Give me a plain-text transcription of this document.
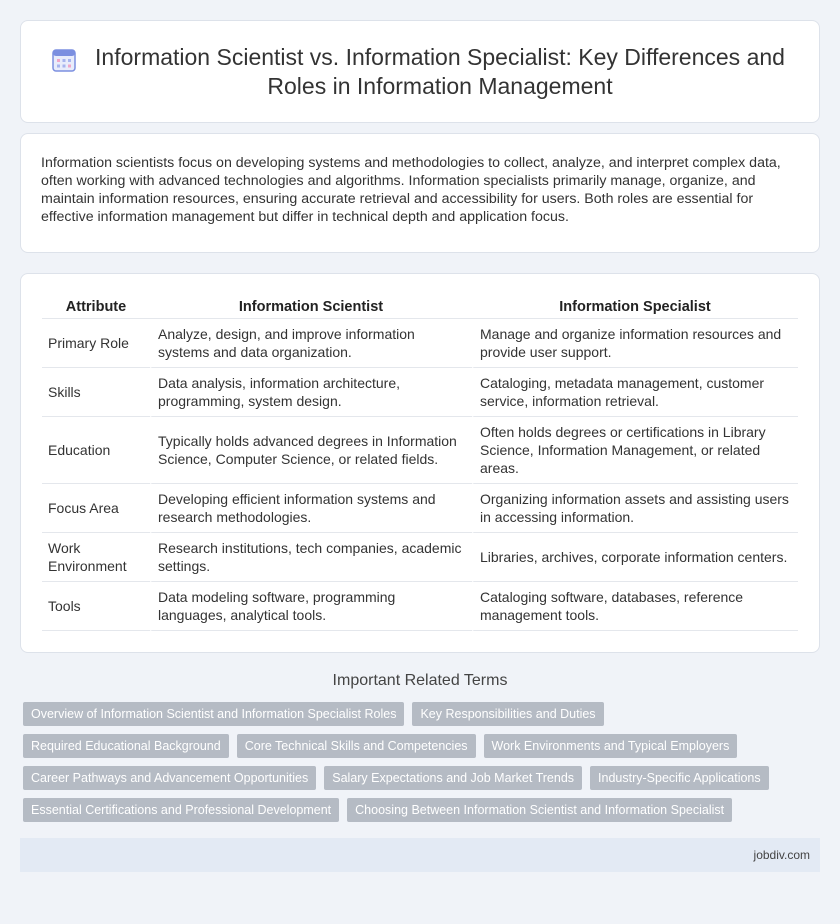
Information Scientist vs. Information Specialist: Key Differences and Roles in Information Management

Information scientists focus on developing systems and methodologies to collect, analyze, and interpret complex data, often working with advanced technologies and algorithms. Information specialists primarily manage, organize, and maintain information resources, ensuring accurate retrieval and accessibility for users. Both roles are essential for effective information management but differ in technical depth and application focus.

Attribute	Information Scientist	Information Specialist
Primary Role	Analyze, design, and improve information systems and data organization.	Manage and organize information resources and provide user support.
Skills	Data analysis, information architecture, programming, system design.	Cataloging, metadata management, customer service, information retrieval.
Education	Typically holds advanced degrees in Information Science, Computer Science, or related fields.	Often holds degrees or certifications in Library Science, Information Management, or related areas.
Focus Area	Developing efficient information systems and research methodologies.	Organizing information assets and assisting users in accessing information.
Work Environment	Research institutions, tech companies, academic settings.	Libraries, archives, corporate information centers.
Tools	Data modeling software, programming languages, analytical tools.	Cataloging software, databases, reference management tools.
Important Related Terms
Overview of Information Scientist and Information Specialist Roles	Key Responsibilities and Duties
Required Educational Background	Core Technical Skills and Competencies	Work Environments and Typical Employers
Career Pathways and Advancement Opportunities	Salary Expectations and Job Market Trends	Industry-Specific Applications
Essential Certifications and Professional Development	Choosing Between Information Scientist and Information Specialist
jobdiv.com
